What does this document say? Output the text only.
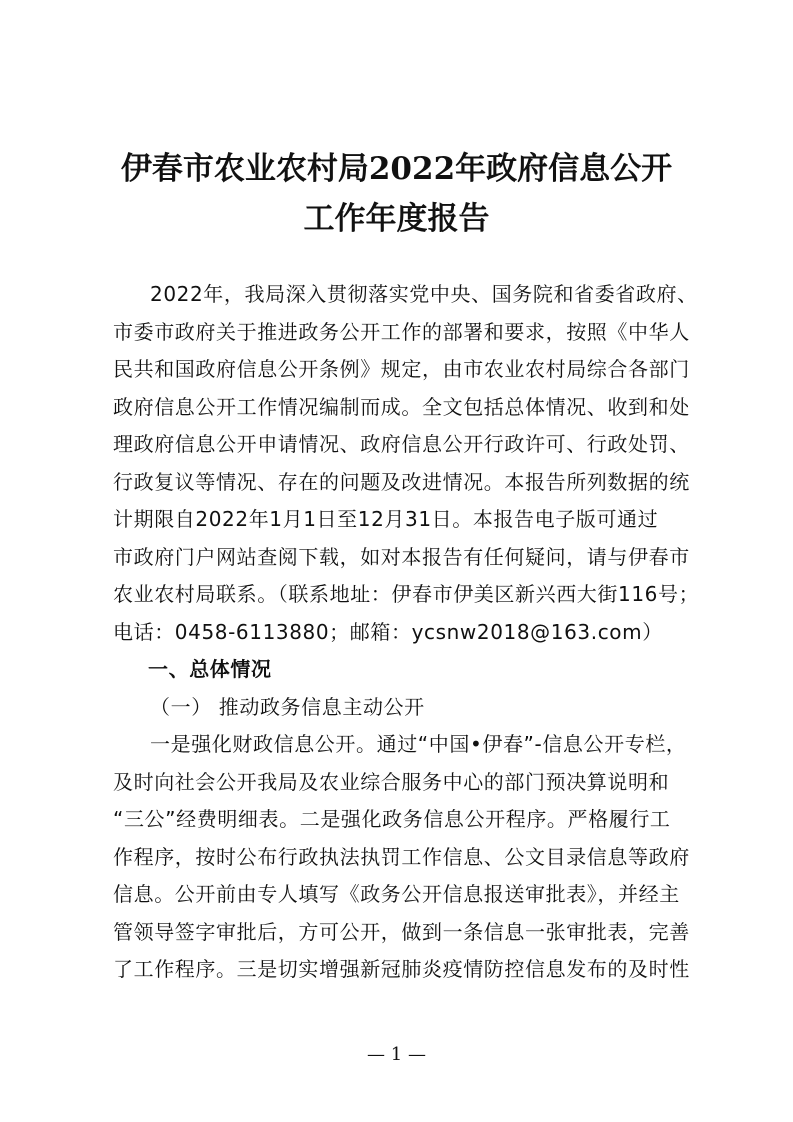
伊春市农业农村局2022年政府信息公开
工作年度报告
2022年，我局深入贯彻落实党中央、国务院和省委省政府、
市委市政府关于推进政务公开工作的部署和要求，按照《中华人
民共和国政府信息公开条例》规定，由市农业农村局综合各部门
政府信息公开工作情况编制而成。全文包括总体情况、收到和处
理政府信息公开申请情况、政府信息公开行政许可、行政处罚、
行政复议等情况、存在的问题及改进情况。本报告所列数据的统
计期限自2022年1月1日至12月31日。本报告电子版可通过
市政府门户网站查阅下载，如对本报告有任何疑问，请与伊春市
农业农村局联系。（联系地址：伊春市伊美区新兴西大街116号；
电话：0458-6113880；邮箱：ycsnw2018@163.com）
一、总体情况
（一） 推动政务信息主动公开
一是强化财政信息公开。通过“中国•伊春”-信息公开专栏，
及时向社会公开我局及农业综合服务中心的部门预决算说明和
“三公”经费明细表。二是强化政务信息公开程序。严格履行工
作程序，按时公布行政执法执罚工作信息、公文目录信息等政府
信息。公开前由专人填写《政务公开信息报送审批表》，并经主
管领导签字审批后，方可公开，做到一条信息一张审批表，完善
了工作程序。三是切实增强新冠肺炎疫情防控信息发布的及时性
— 1 —
